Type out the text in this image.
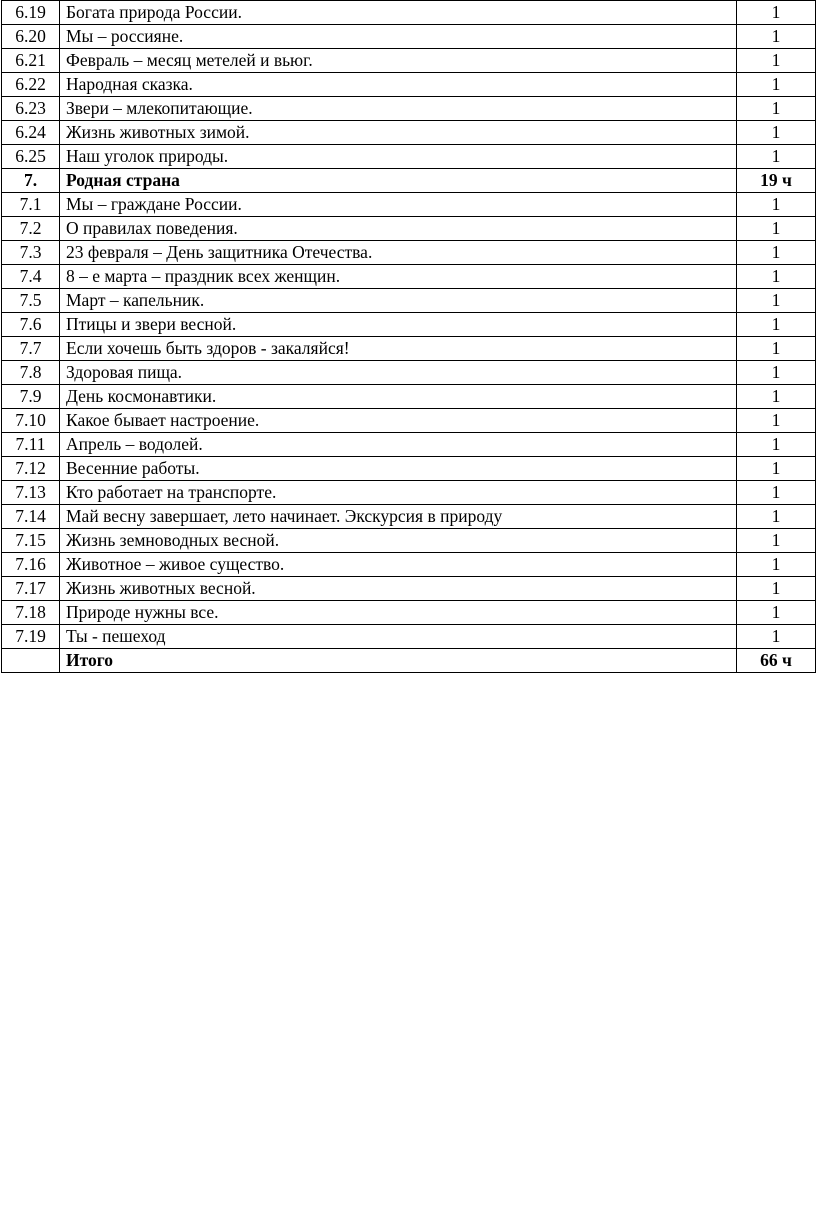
6.19	Богата природа России.	1
6.20	Мы – россияне.	1
6.21	Февраль – месяц метелей и вьюг.	1
6.22	Народная сказка.	1
6.23	Звери – млекопитающие.	1
6.24	Жизнь животных зимой.	1
6.25	Наш уголок природы.	1
7.	Родная страна	19 ч
7.1	Мы – граждане России.	1
7.2	О правилах поведения.	1
7.3	23 февраля – День защитника Отечества.	1
7.4	8 – е марта – праздник всех женщин.	1
7.5	Март – капельник.	1
7.6	Птицы и звери весной.	1
7.7	Если хочешь быть здоров - закаляйся!	1
7.8	Здоровая пища.	1
7.9	День космонавтики.	1
7.10	Какое бывает настроение.	1
7.11	Апрель – водолей.	1
7.12	Весенние работы.	1
7.13	Кто работает на транспорте.	1
7.14	Май весну завершает, лето начинает. Экскурсия в природу	1
7.15	Жизнь земноводных весной.	1
7.16	Животное – живое существо.	1
7.17	Жизнь животных весной.	1
7.18	Природе нужны все.	1
7.19	Ты - пешеход	1
	Итого	66 ч
